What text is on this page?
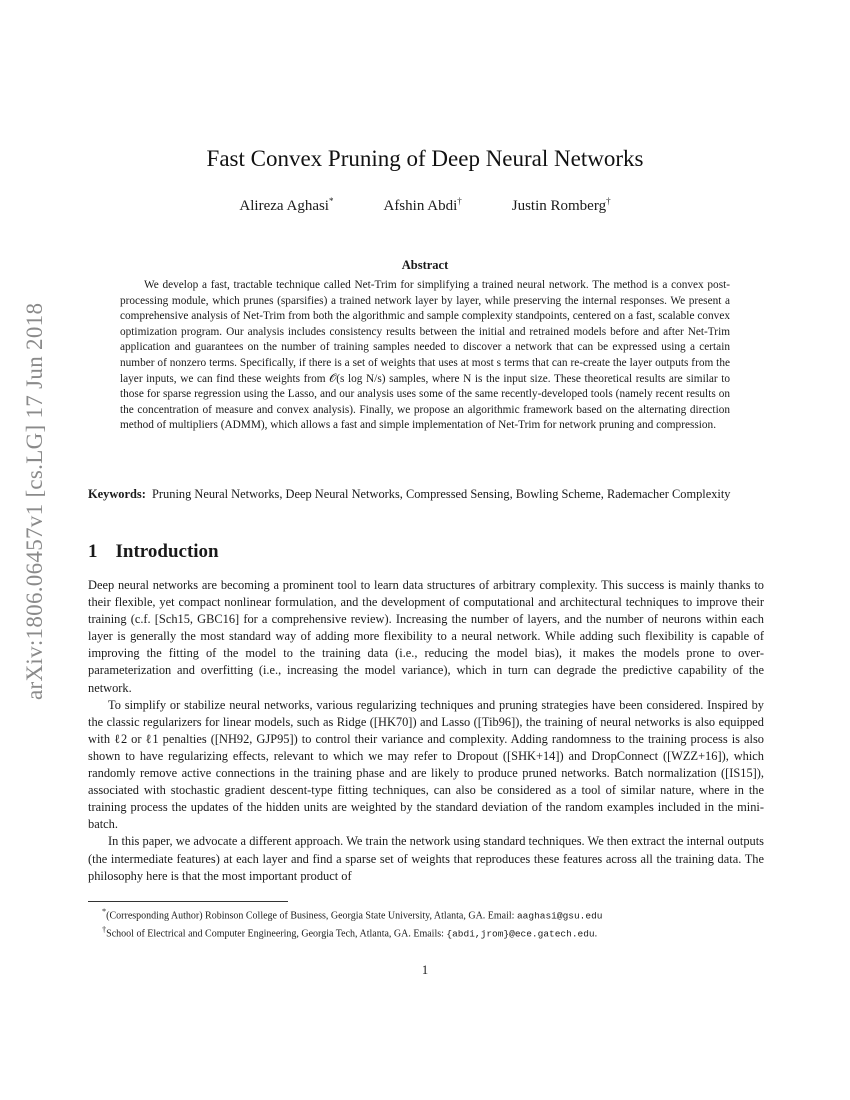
arXiv:1806.06457v1 [cs.LG] 17 Jun 2018
Fast Convex Pruning of Deep Neural Networks
Alireza Aghasi*	Afshin Abdi†	Justin Romberg†
Abstract

We develop a fast, tractable technique called Net-Trim for simplifying a trained neural network. The method is a convex post-processing module, which prunes (sparsifies) a trained network layer by layer, while preserving the internal responses. We present a comprehensive analysis of Net-Trim from both the algorithmic and sample complexity standpoints, centered on a fast, scalable convex optimization program. Our analysis includes consistency results between the initial and retrained models before and after Net-Trim application and guarantees on the number of training samples needed to discover a network that can be expressed using a certain number of nonzero terms. Specifically, if there is a set of weights that uses at most s terms that can re-create the layer outputs from the layer inputs, we can find these weights from 𝒪(s log N/s) samples, where N is the input size. These theoretical results are similar to those for sparse regression using the Lasso, and our analysis uses some of the same recently-developed tools (namely recent results on the concentration of measure and convex analysis). Finally, we propose an algorithmic framework based on the alternating direction method of multipliers (ADMM), which allows a fast and simple implementation of Net-Trim for network pruning and compression.

Keywords: Pruning Neural Networks, Deep Neural Networks, Compressed Sensing, Bowling Scheme, Rademacher Complexity

1 Introduction

Deep neural networks are becoming a prominent tool to learn data structures of arbitrary complexity. This success is mainly thanks to their flexible, yet compact nonlinear formulation, and the development of computational and architectural techniques to improve their training (c.f. [Sch15, GBC16] for a comprehensive review). Increasing the number of layers, and the number of neurons within each layer is generally the most standard way of adding more flexibility to a neural network. While adding such flexibility is capable of improving the fitting of the model to the training data (i.e., reducing the model bias), it makes the models prone to over-parameterization and overfitting (i.e., increasing the model variance), which in turn can degrade the predictive capability of the network.

To simplify or stabilize neural networks, various regularizing techniques and pruning strategies have been considered. Inspired by the classic regularizers for linear models, such as Ridge ([HK70]) and Lasso ([Tib96]), the training of neural networks is also equipped with ℓ2 or ℓ1 penalties ([NH92, GJP95]) to control their variance and complexity. Adding randomness to the training process is also shown to have regularizing effects, relevant to which we may refer to Dropout ([SHK+14]) and DropConnect ([WZZ+16]), which randomly remove active connections in the training phase and are likely to produce pruned networks. Batch normalization ([IS15]), associated with stochastic gradient descent-type fitting techniques, can also be considered as a tool of similar nature, where in the training process the updates of the hidden units are weighted by the standard deviation of the random examples included in the mini-batch.

In this paper, we advocate a different approach. We train the network using standard techniques. We then extract the internal outputs (the intermediate features) at each layer and find a sparse set of weights that reproduces these features across all the training data. The philosophy here is that the most important product of

*(Corresponding Author) Robinson College of Business, Georgia State University, Atlanta, GA. Email: aaghasi@gsu.edu
†School of Electrical and Computer Engineering, Georgia Tech, Atlanta, GA. Emails: {abdi,jrom}@ece.gatech.edu.
1
